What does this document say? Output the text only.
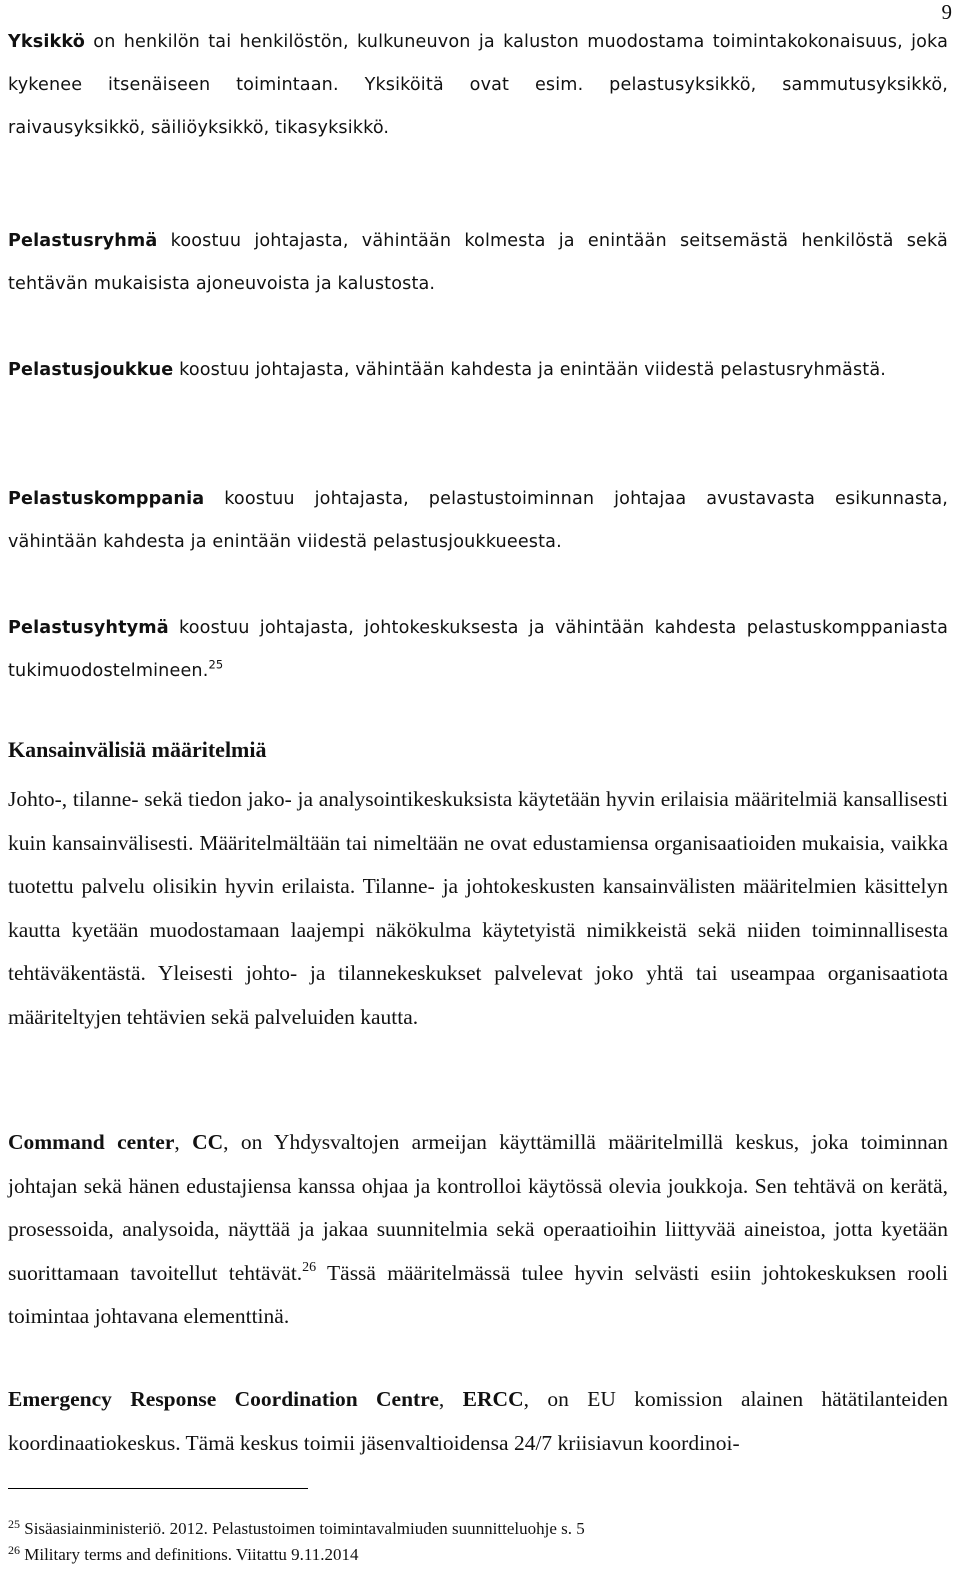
9

Yksikkö on henkilön tai henkilöstön, kulkuneuvon ja kaluston muodostama toimintakokonaisuus, joka kykenee itsenäiseen toimintaan. Yksiköitä ovat esim. pelastusyksikkö, sammutusyksikkö, raivausyksikkö, säiliöyksikkö, tikasyksikkö.

Pelastusryhmä koostuu johtajasta, vähintään kolmesta ja enintään seitsemästä henkilöstä sekä tehtävän mukaisista ajoneuvoista ja kalustosta.

Pelastusjoukkue koostuu johtajasta, vähintään kahdesta ja enintään viidestä pelastusryhmästä.

Pelastuskomppania koostuu johtajasta, pelastustoiminnan johtajaa avustavasta esikunnasta, vähintään kahdesta ja enintään viidestä pelastusjoukkueesta.

Pelastusyhtymä koostuu johtajasta, johtokeskuksesta ja vähintään kahdesta pelastuskomppaniasta tukimuodostelmineen.$^{25}$

Kansainvälisiä määritelmiä

Johto-, tilanne- sekä tiedon jako- ja analysointikeskuksista käytetään hyvin erilaisia määritelmiä kansallisesti kuin kansainvälisesti. Määritelmältään tai nimeltään ne ovat edustamiensa organisaatioiden mukaisia, vaikka tuotettu palvelu olisikin hyvin erilaista. Tilanne- ja johtokeskusten kansainvälisten määritelmien käsittelyn kautta kyetään muodostamaan laajempi näkökulma käytetyistä nimikkeistä sekä niiden toiminnallisesta tehtäväkentästä. Yleisesti johto- ja tilannekeskukset palvelevat joko yhtä tai useampaa organisaatiota määriteltyjen tehtävien sekä palveluiden kautta.

Command center, CC, on Yhdysvaltojen armeijan käyttämillä määritelmillä keskus, joka toiminnan johtajan sekä hänen edustajiensa kanssa ohjaa ja kontrolloi käytössä olevia joukkoja. Sen tehtävä on kerätä, prosessoida, analysoida, näyttää ja jakaa suunnitelmia sekä operaatioihin liittyvää aineistoa, jotta kyetään suorittamaan tavoitellut tehtävät.$^{26}$ Tässä määritelmässä tulee hyvin selvästi esiin johtokeskuksen rooli toimintaa johtavana elementtinä.

Emergency Response Coordination Centre, ERCC, on EU komission alainen hätätilanteiden koordinaatiokeskus. Tämä keskus toimii jäsenvaltioidensa 24/7 kriisiavun koordinoi-

$^{25}$ Sisäasiainministeriö. 2012. Pelastustoimen toimintavalmiuden suunnitteluohje s. 5

$^{26}$ Military terms and definitions. Viitattu 9.11.2014
